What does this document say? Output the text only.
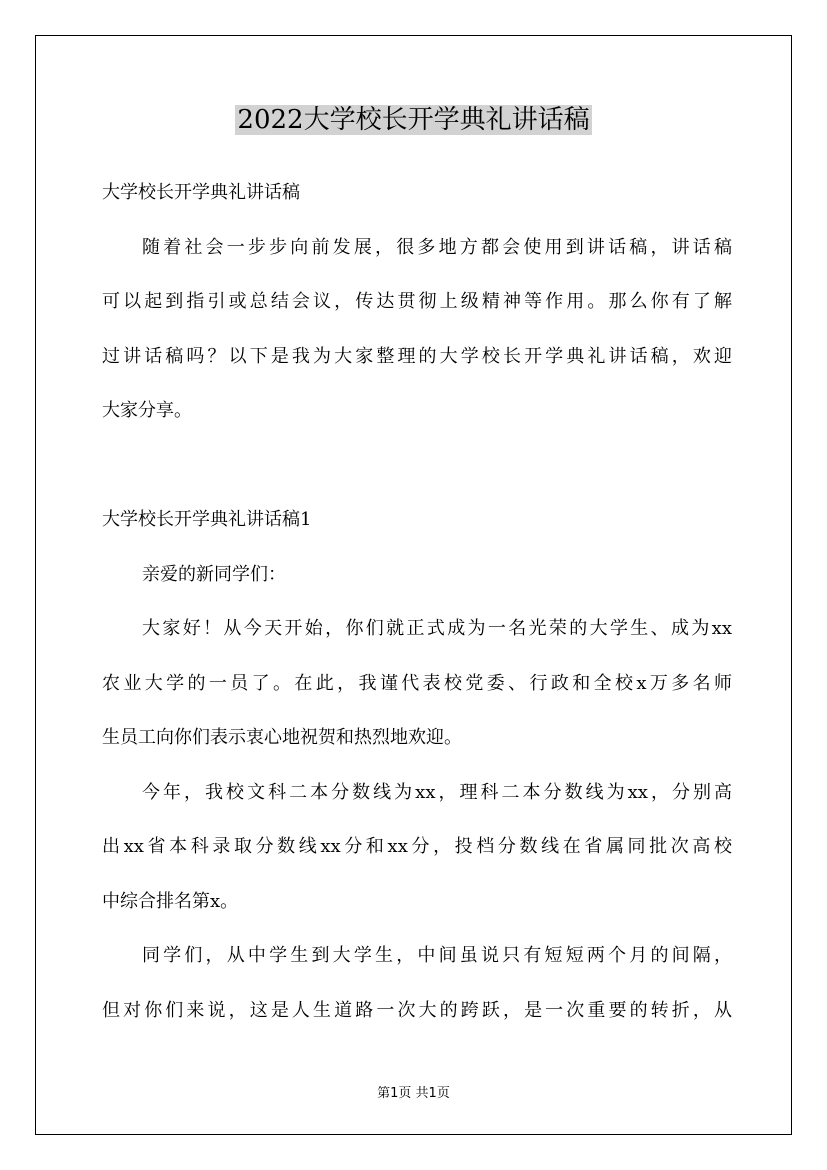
2022大学校长开学典礼讲话稿
大学校长开学典礼讲话稿
随着社会一步步向前发展，很多地方都会使用到讲话稿，讲话稿
可以起到指引或总结会议，传达贯彻上级精神等作用。那么你有了解
过讲话稿吗？以下是我为大家整理的大学校长开学典礼讲话稿，欢迎
大家分享。
大学校长开学典礼讲话稿1
亲爱的新同学们：
大家好！从今天开始，你们就正式成为一名光荣的大学生、成为xx
农业大学的一员了。在此，我谨代表校党委、行政和全校x万多名师
生员工向你们表示衷心地祝贺和热烈地欢迎。
今年，我校文科二本分数线为xx，理科二本分数线为xx，分别高
出xx省本科录取分数线xx分和xx分，投档分数线在省属同批次高校
中综合排名第x。
同学们，从中学生到大学生，中间虽说只有短短两个月的间隔，
但对你们来说，这是人生道路一次大的跨跃，是一次重要的转折，从
第1页 共1页
